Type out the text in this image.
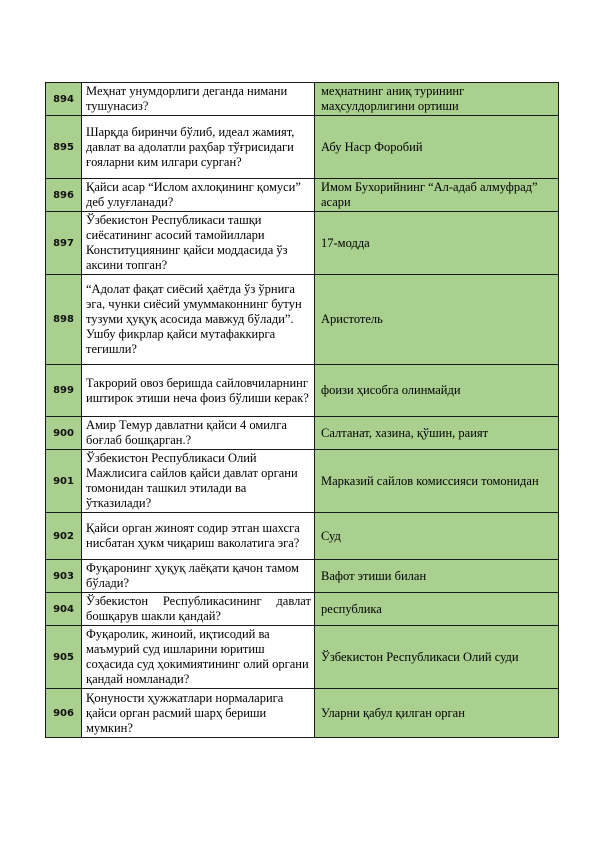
894	Меҳнат унумдорлиги деганда нимани тушунасиз?	меҳнатнинг аниқ турининг маҳсулдорлигини ортиши
895	Шарқда биринчи бўлиб, идеал жамият, давлат ва адолатли раҳбар тўғрисидаги ғояларни ким илгари сурган?	Абу Наср Форобий
896	Қайси асар “Ислом ахлоқининг қомуси” деб улуғланади?	Имом Бухорийнинг “Ал-адаб алмуфрад” асари
897	Ўзбекистон Республикаси ташқи сиёсатининг асосий тамойиллари Конституциянинг қайси моддасида ўз аксини топган?	17-модда
898	“Адолат фақат сиёсий ҳаётда ўз ўрнига эга, чунки сиёсий умуммаконнинг бутун тузуми ҳуқуқ асосида мавжуд бўлади”.
Ушбу фикрлар қайси мутафаккирга тегишли?	Аристотель
899	Такрорий овоз беришда сайловчиларнинг иштирок этиши неча фоиз бўлиши керак?	фоизи ҳисобга олинмайди
900	Амир Темур давлатни қайси 4 омилга боғлаб бошқарган.?	Салтанат, хазина, қўшин, раият
901	Ўзбекистон Республикаси Олий Мажлисига сайлов қайси давлат органи томонидан ташкил этилади ва ўтказилади?	Марказий сайлов комиссияси томонидан
902	Қайси орган жиноят содир этган шахсга нисбатан ҳукм чиқариш ваколатига эга?	Суд
903	Фуқаронинг ҳуқуқ лаёқати қачон тамом бўлади?	Вафот этиши билан
904	Ўзбекистон Республикасининг давлат бошқарув шакли қандай?	республика
905	Фуқаролик, жиноий, иқтисодий ва маъмурий суд ишларини юритиш соҳасида суд ҳокимиятининг олий органи қандай номланади?	Ўзбекистон Республикаси Олий суди
906	Қонуности ҳужжатлари нормаларига қайси орган расмий шарҳ бериши мумкин?	Уларни қабул қилган орган
